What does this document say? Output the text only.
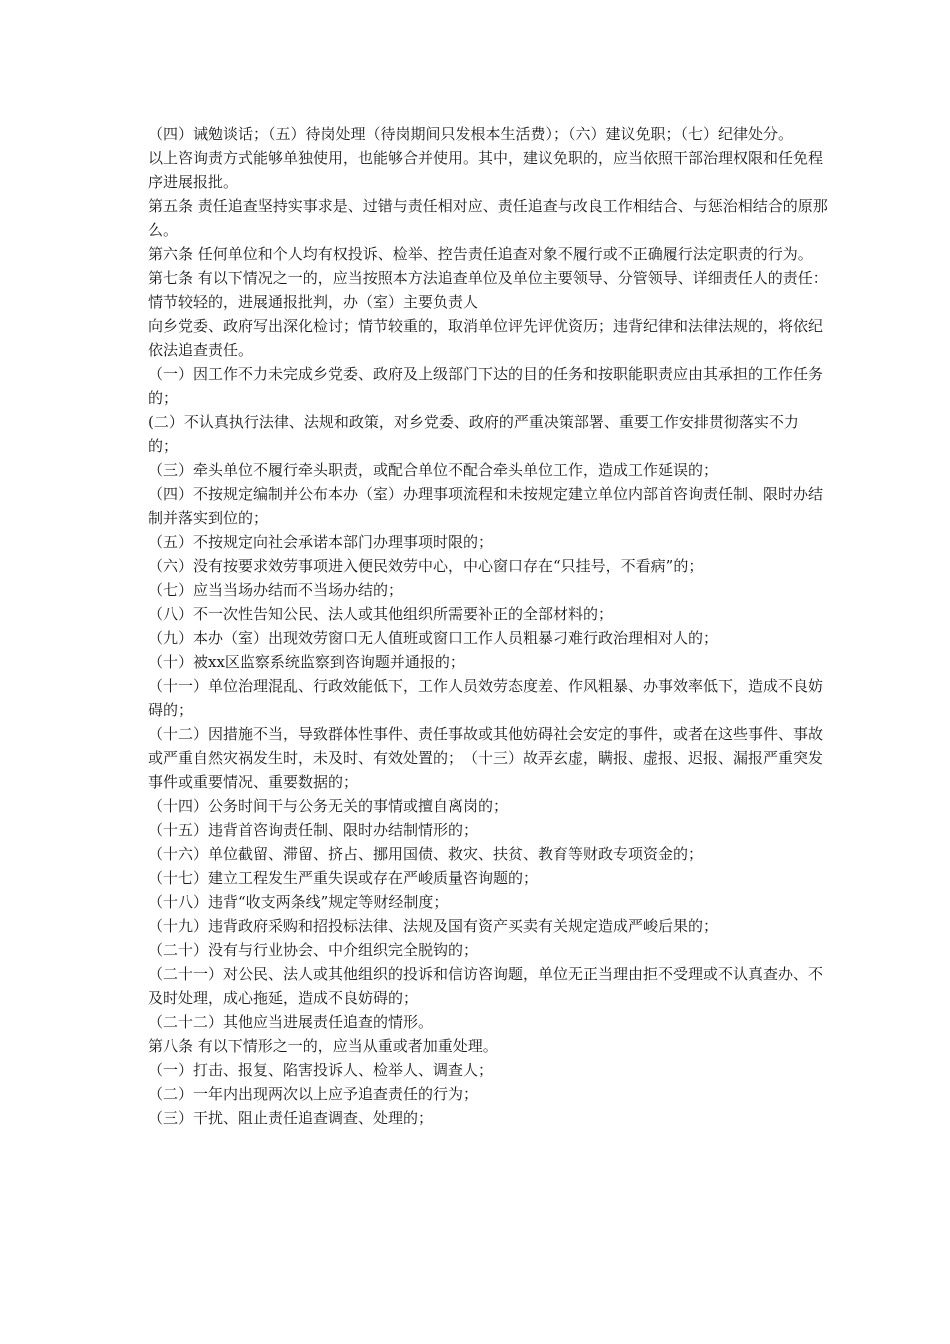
（四）诫勉谈话；（五）待岗处理（待岗期间只发根本生活费）；（六）建议免职；（七）纪律处分。

以上咨询责方式能够单独使用，也能够合并使用。其中，建议免职的，应当依照干部治理权限和任免程序进展报批。

第五条 责任追查坚持实事求是、过错与责任相对应、责任追查与改良工作相结合、与惩治相结合的原那么。

第六条 任何单位和个人均有权投诉、检举、控告责任追查对象不履行或不正确履行法定职责的行为。

第七条 有以下情况之一的，应当按照本方法追查单位及单位主要领导、分管领导、详细责任人的责任：情节较轻的，进展通报批判，办（室）主要负责人

向乡党委、政府写出深化检讨；情节较重的，取消单位评先评优资历；违背纪律和法律法规的，将依纪依法追查责任。

（一）因工作不力未完成乡党委、政府及上级部门下达的目的任务和按职能职责应由其承担的工作任务的；

(二）不认真执行法律、法规和政策，对乡党委、政府的严重决策部署、重要工作安排贯彻落实不力的；

（三）牵头单位不履行牵头职责，或配合单位不配合牵头单位工作，造成工作延误的；

（四）不按规定编制并公布本办（室）办理事项流程和未按规定建立单位内部首咨询责任制、限时办结制并落实到位的；

（五）不按规定向社会承诺本部门办理事项时限的；

（六）没有按要求效劳事项进入便民效劳中心，中心窗口存在“只挂号，不看病”的；

（七）应当当场办结而不当场办结的；

（八）不一次性告知公民、法人或其他组织所需要补正的全部材料的；

（九）本办（室）出现效劳窗口无人值班或窗口工作人员粗暴刁难行政治理相对人的；

（十）被xx区监察系统监察到咨询题并通报的；

（十一）单位治理混乱、行政效能低下，工作人员效劳态度差、作风粗暴、办事效率低下，造成不良妨碍的；

（十二）因措施不当，导致群体性事件、责任事故或其他妨碍社会安定的事件，或者在这些事件、事故或严重自然灾祸发生时，未及时、有效处置的；　（十三）故弄玄虚，瞒报、虚报、迟报、漏报严重突发事件或重要情况、重要数据的；

（十四）公务时间干与公务无关的事情或擅自离岗的；

（十五）违背首咨询责任制、限时办结制情形的；

（十六）单位截留、滞留、挤占、挪用国债、救灾、扶贫、教育等财政专项资金的；

（十七）建立工程发生严重失误或存在严峻质量咨询题的；

（十八）违背“收支两条线”规定等财经制度；

（十九）违背政府采购和招投标法律、法规及国有资产买卖有关规定造成严峻后果的；

（二十）没有与行业协会、中介组织完全脱钩的；

（二十一）对公民、法人或其他组织的投诉和信访咨询题，单位无正当理由拒不受理或不认真查办、不及时处理，成心拖延，造成不良妨碍的；

（二十二）其他应当进展责任追查的情形。

第八条 有以下情形之一的，应当从重或者加重处理。

（一）打击、报复、陷害投诉人、检举人、调查人；

（二）一年内出现两次以上应予追查责任的行为；

（三）干扰、阻止责任追查调查、处理的；
